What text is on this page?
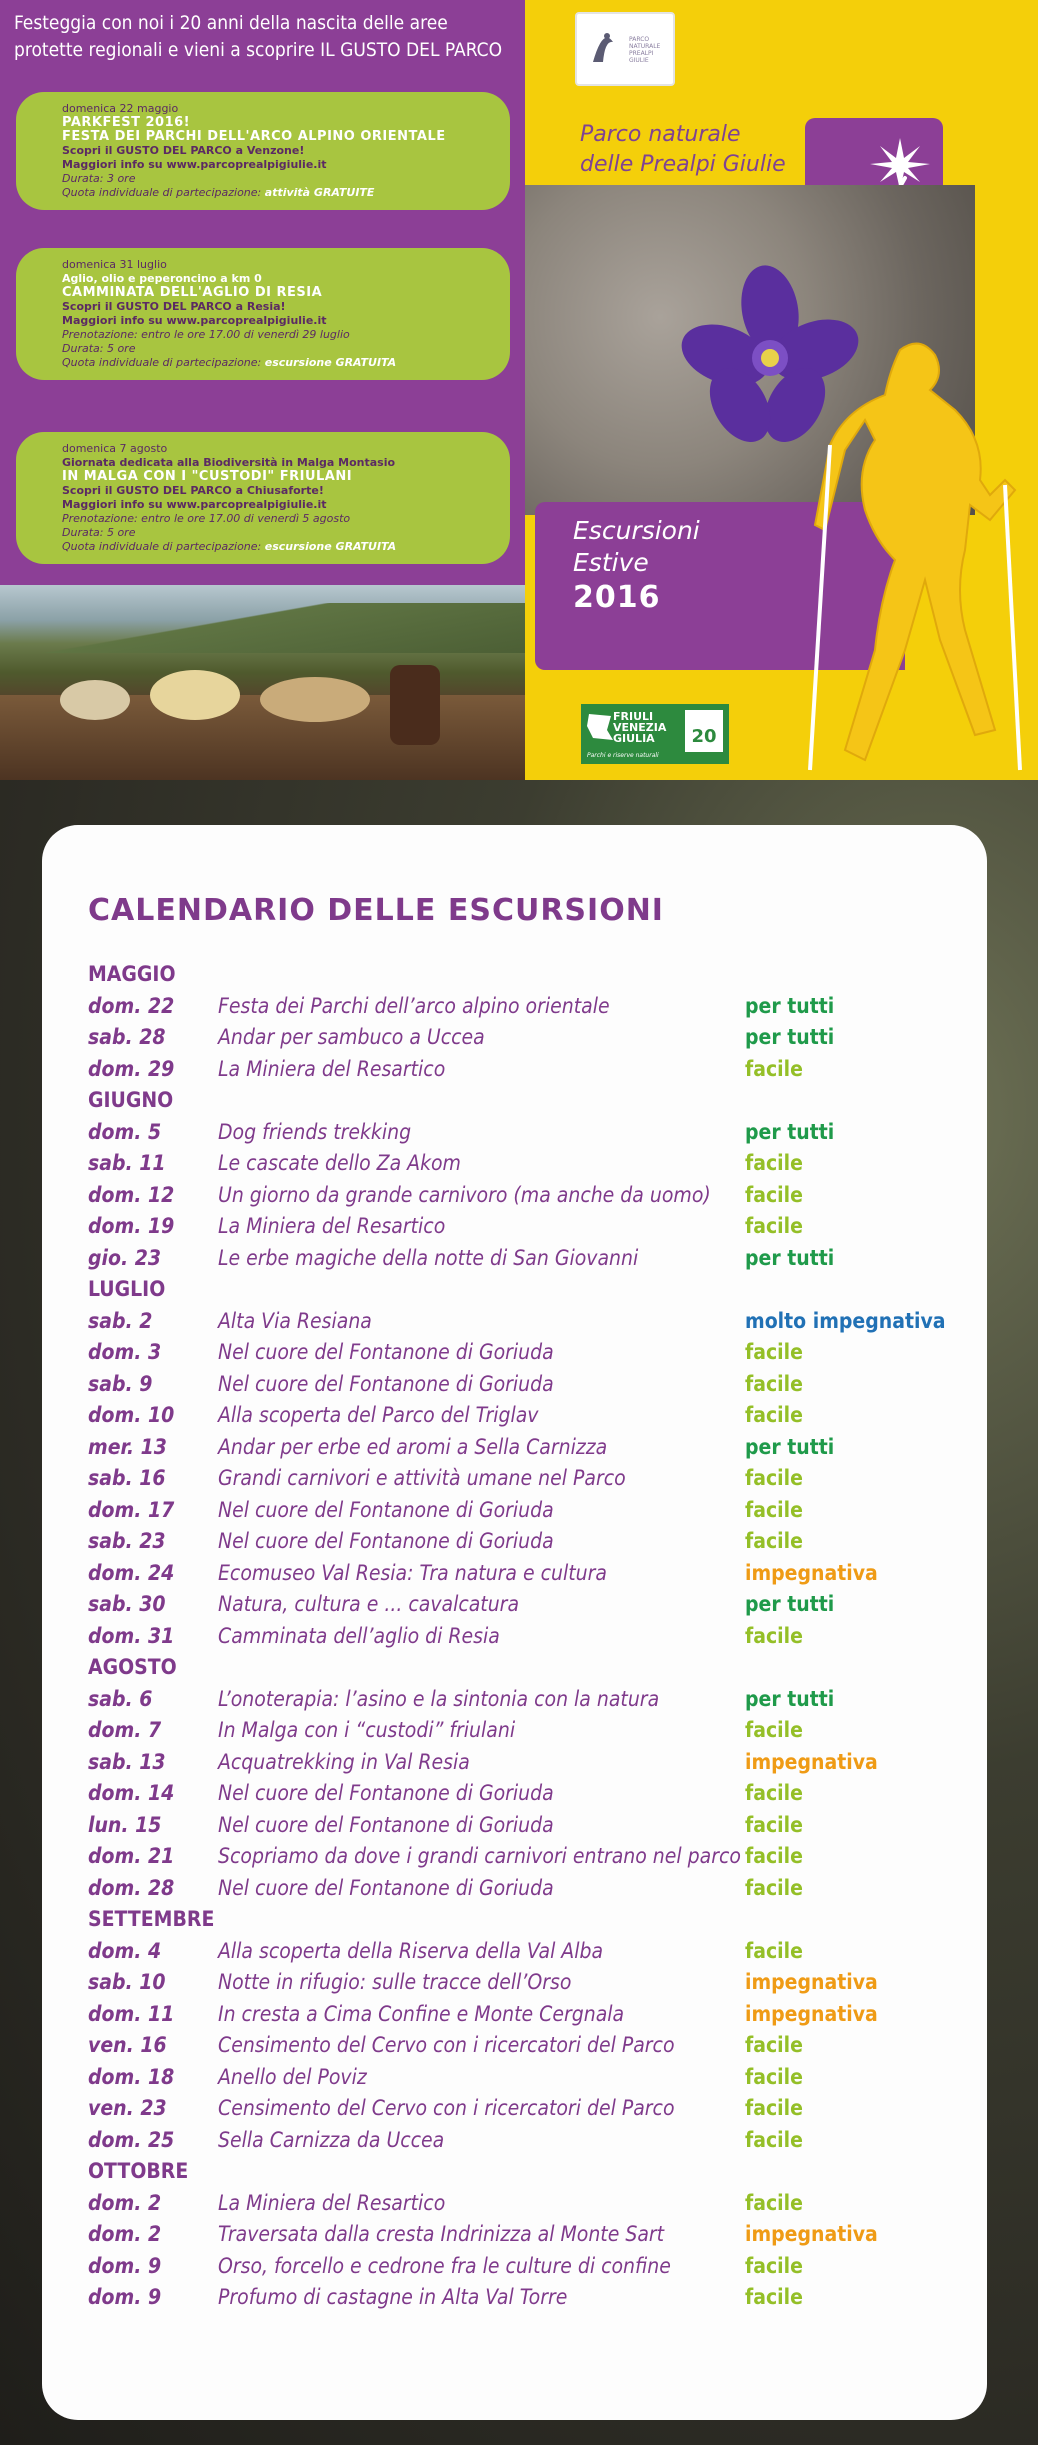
Festeggia con noi i 20 anni della nascita delle aree protette regionali e vieni a scoprire IL GUSTO DEL PARCO
domenica 22 maggio
PARKFEST 2016!
FESTA DEI PARCHI DELL'ARCO ALPINO ORIENTALE
Scopri il GUSTO DEL PARCO a Venzone!
Maggiori info su www.parcoprealpigiulie.it
Durata: 3 ore
Quota individuale di partecipazione: attività GRATUITE
domenica 31 luglio
Aglio, olio e peperoncino a km 0
CAMMINATA DELL'AGLIO DI RESIA
Scopri il GUSTO DEL PARCO a Resia!
Maggiori info su www.parcoprealpigiulie.it
Prenotazione: entro le ore 17.00 di venerdì 29 luglio
Durata: 5 ore
Quota individuale di partecipazione: escursione GRATUITA
domenica 7 agosto
Giornata dedicata alla Biodiversità in Malga Montasio
IN MALGA CON I "CUSTODI" FRIULANI
Scopri il GUSTO DEL PARCO a Chiusaforte!
Maggiori info su www.parcoprealpigiulie.it
Prenotazione: entro le ore 17.00 di venerdì 5 agosto
Durata: 5 ore
Quota individuale di partecipazione: escursione GRATUITA
PARCO
NATURALE
PREALPI
GIULIE
Parco naturale
delle Prealpi Giulie
Escursioni
Estive
2016
FRIULI
VENEZIA
GIULIA
Parchi e riserve naturali
20
CALENDARIO DELLE ESCURSIONI
MAGGIO
dom. 22 Festa dei Parchi dell’arco alpino orientale	per tutti
sab. 28 Andar per sambuco a Uccea	per tutti
dom. 29 La Miniera del Resartico	facile
GIUGNO
dom. 5	Dog friends trekking	per tutti
sab. 11 Le cascate dello Za Akom	facile
dom. 12 Un giorno da grande carnivoro (ma anche da uomo) facile
dom. 19 La Miniera del Resartico	facile
gio. 23	Le erbe magiche della notte di San Giovanni	per tutti
LUGLIO
sab. 2	Alta Via Resiana	molto impegnativa
dom. 3	Nel cuore del Fontanone di Goriuda	facile
sab. 9	Nel cuore del Fontanone di Goriuda	facile
dom. 10 Alla scoperta del Parco del Triglav	facile
mer. 13 Andar per erbe ed aromi a Sella Carnizza	per tutti
sab. 16 Grandi carnivori e attività umane nel Parco	facile
dom. 17 Nel cuore del Fontanone di Goriuda	facile
sab. 23 Nel cuore del Fontanone di Goriuda	facile
dom. 24 Ecomuseo Val Resia: Tra natura e cultura	impegnativa
sab. 30 Natura, cultura e ... cavalcatura	per tutti
dom. 31 Camminata dell’aglio di Resia	facile
AGOSTO
sab. 6	L’onoterapia: l’asino e la sintonia con la natura	per tutti
dom. 7	In Malga con i “custodi” friulani	facile
sab. 13 Acquatrekking in Val Resia	impegnativa
dom. 14 Nel cuore del Fontanone di Goriuda	facile
lun. 15	Nel cuore del Fontanone di Goriuda	facile
dom. 21 Scopriamo da dove i grandi carnivori entrano nel parco facile
dom. 28 Nel cuore del Fontanone di Goriuda	facile
SETTEMBRE
dom. 4	Alla scoperta della Riserva della Val Alba	facile
sab. 10 Notte in rifugio: sulle tracce dell’Orso	impegnativa
dom. 11 In cresta a Cima Confine e Monte Cergnala	impegnativa
ven. 16 Censimento del Cervo con i ricercatori del Parco	facile
dom. 18 Anello del Poviz	facile
ven. 23 Censimento del Cervo con i ricercatori del Parco	facile
dom. 25 Sella Carnizza da Uccea	facile
OTTOBRE
dom. 2	La Miniera del Resartico	facile
dom. 2	Traversata dalla cresta Indrinizza al Monte Sart	impegnativa
dom. 9	Orso, forcello e cedrone fra le culture di confine	facile
dom. 9	Profumo di castagne in Alta Val Torre	facile
